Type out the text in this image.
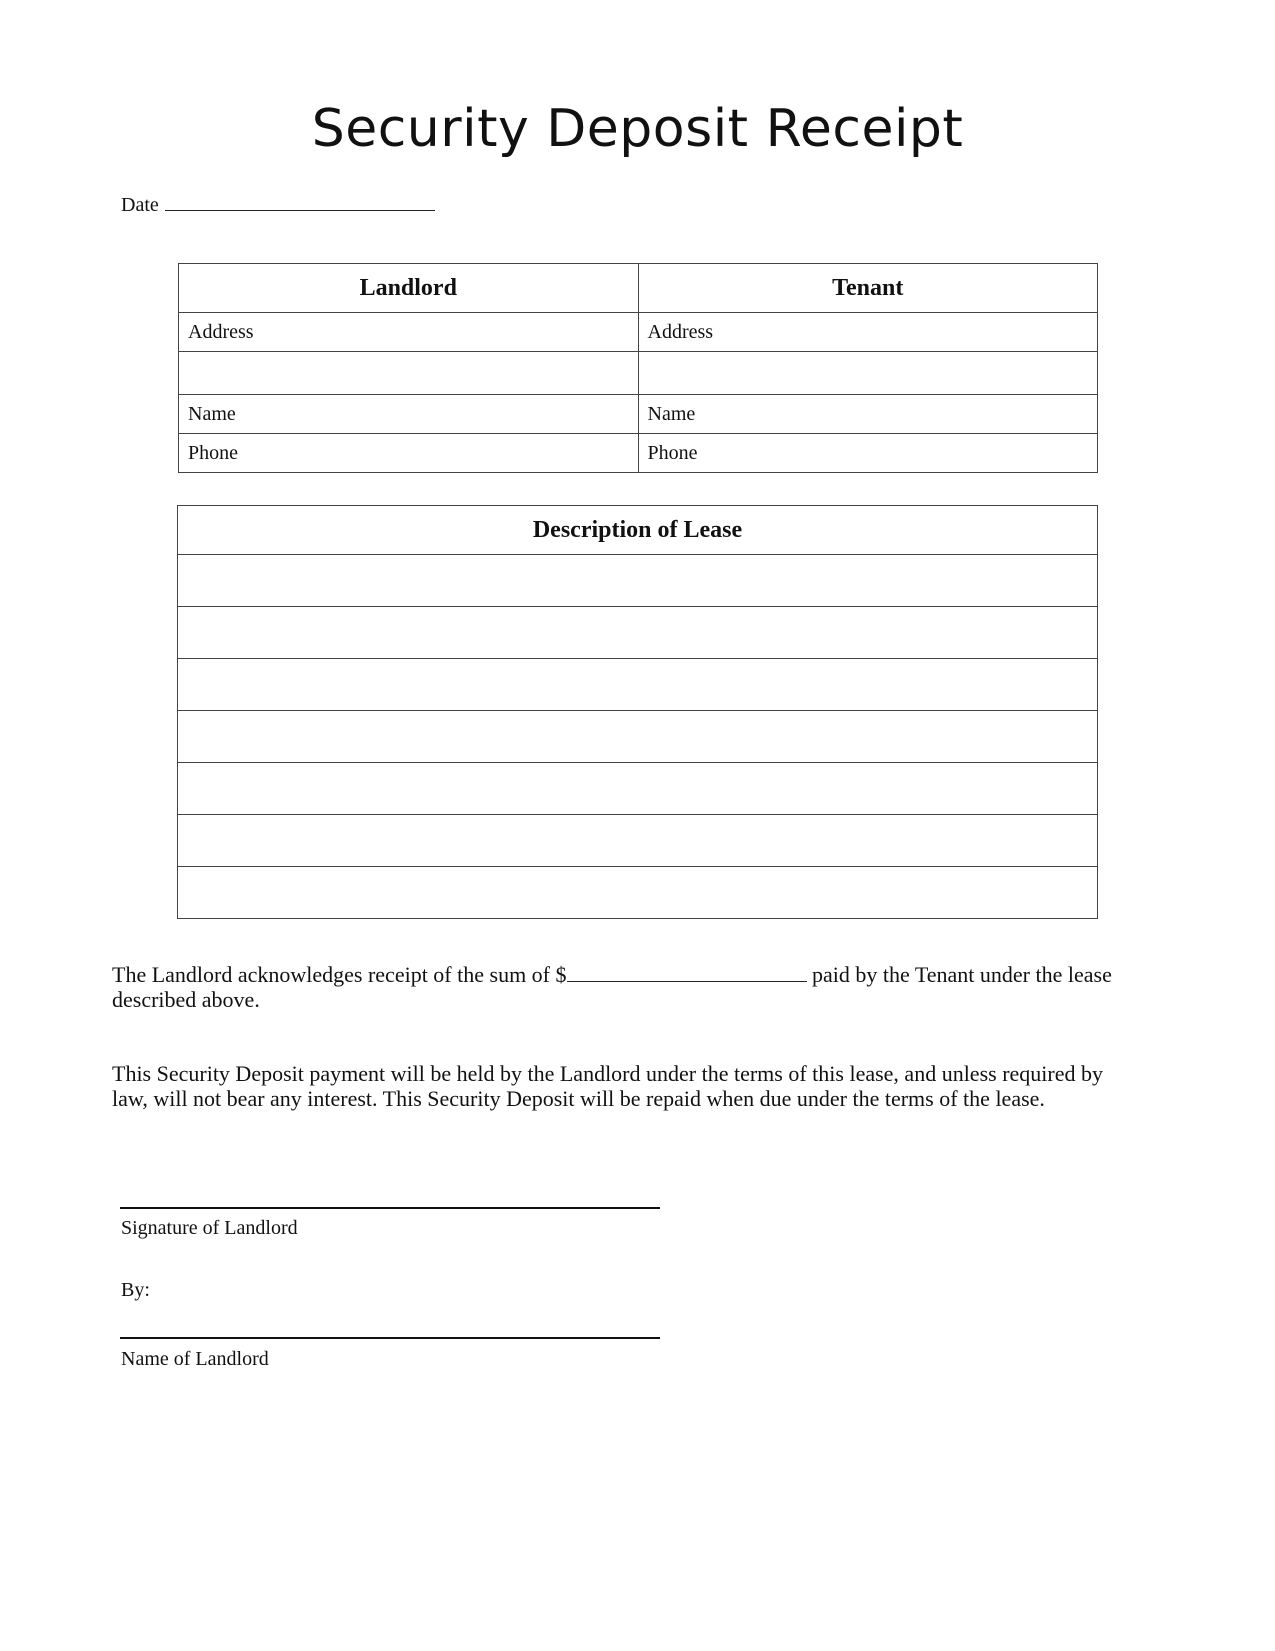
Security Deposit Receipt
Date
Landlord	Tenant
Address	Address

Name	Name
Phone	Phone
Description of Lease

The Landlord acknowledges receipt of the sum of $	paid by the Tenant under the lease described above.

This Security Deposit payment will be held by the Landlord under the terms of this lease, and unless required by law, will not bear any interest. This Security Deposit will be repaid when due under the terms of the lease.

Signature of Landlord

By:

Name of Landlord
